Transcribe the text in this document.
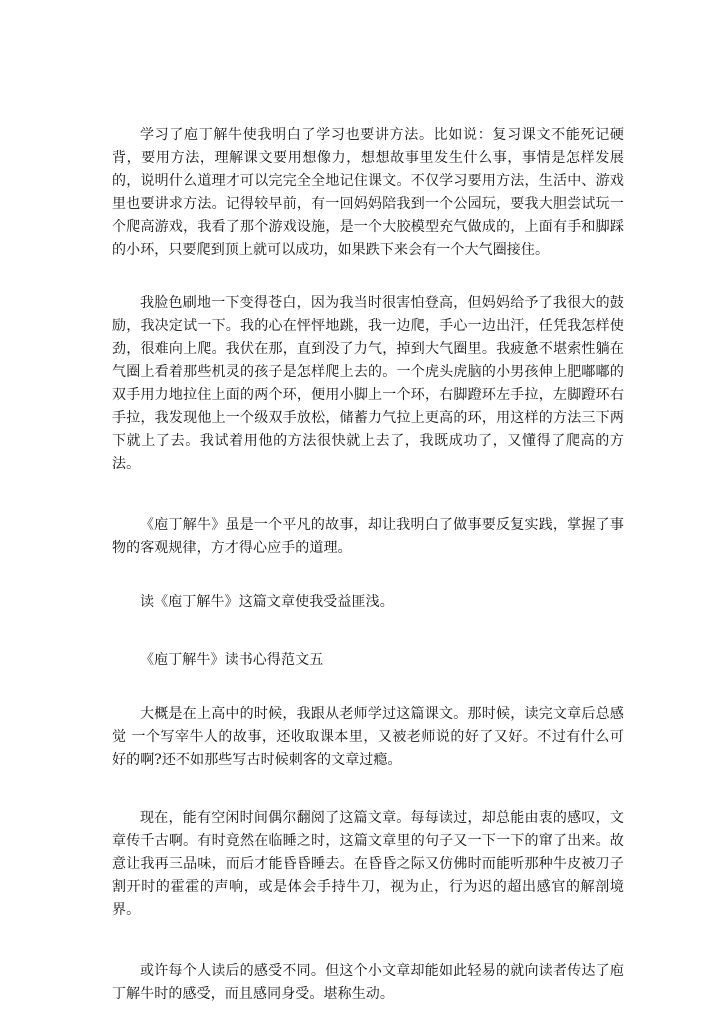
学习了庖丁解牛使我明白了学习也要讲方法。比如说：复习课文不能死记硬背，要用方法，理解课文要用想像力，想想故事里发生什么事，事情是怎样发展的，说明什么道理才可以完完全全地记住课文。不仅学习要用方法，生活中、游戏里也要讲求方法。记得较早前，有一回妈妈陪我到一个公园玩，要我大胆尝试玩一个爬高游戏，我看了那个游戏设施，是一个大胶模型充气做成的，上面有手和脚踩的小环，只要爬到顶上就可以成功，如果跌下来会有一个大气圈接住。

我脸色刷地一下变得苍白，因为我当时很害怕登高，但妈妈给予了我很大的鼓励，我决定试一下。我的心在怦怦地跳，我一边爬，手心一边出汗，任凭我怎样使劲，很难向上爬。我伏在那，直到没了力气，掉到大气圈里。我疲惫不堪索性躺在气圈上看着那些机灵的孩子是怎样爬上去的。一个虎头虎脑的小男孩伸上肥嘟嘟的双手用力地拉住上面的两个环，便用小脚上一个环，右脚蹬环左手拉，左脚蹬环右手拉，我发现他上一个级双手放松，储蓄力气拉上更高的环，用这样的方法三下两下就上了去。我试着用他的方法很快就上去了，我既成功了，又懂得了爬高的方法。

《庖丁解牛》虽是一个平凡的故事，却让我明白了做事要反复实践，掌握了事物的客观规律，方才得心应手的道理。

读《庖丁解牛》这篇文章使我受益匪浅。

《庖丁解牛》读书心得范文五

大概是在上高中的时候，我跟从老师学过这篇课文。那时候，读完文章后总感觉 一个写宰牛人的故事，还收取课本里，又被老师说的好了又好。不过有什么可好的啊?还不如那些写古时候刺客的文章过瘾。

现在，能有空闲时间偶尔翻阅了这篇文章。每每读过，却总能由衷的感叹，文章传千古啊。有时竟然在临睡之时，这篇文章里的句子又一下一下的窜了出来。故意让我再三品味，而后才能昏昏睡去。在昏昏之际又仿佛时而能听那种牛皮被刀子割开时的霍霍的声响，或是体会手持牛刀，视为止，行为迟的超出感官的解剖境界。

或许每个人读后的感受不同。但这个小文章却能如此轻易的就向读者传达了庖丁解牛时的感受，而且感同身受。堪称生动。
